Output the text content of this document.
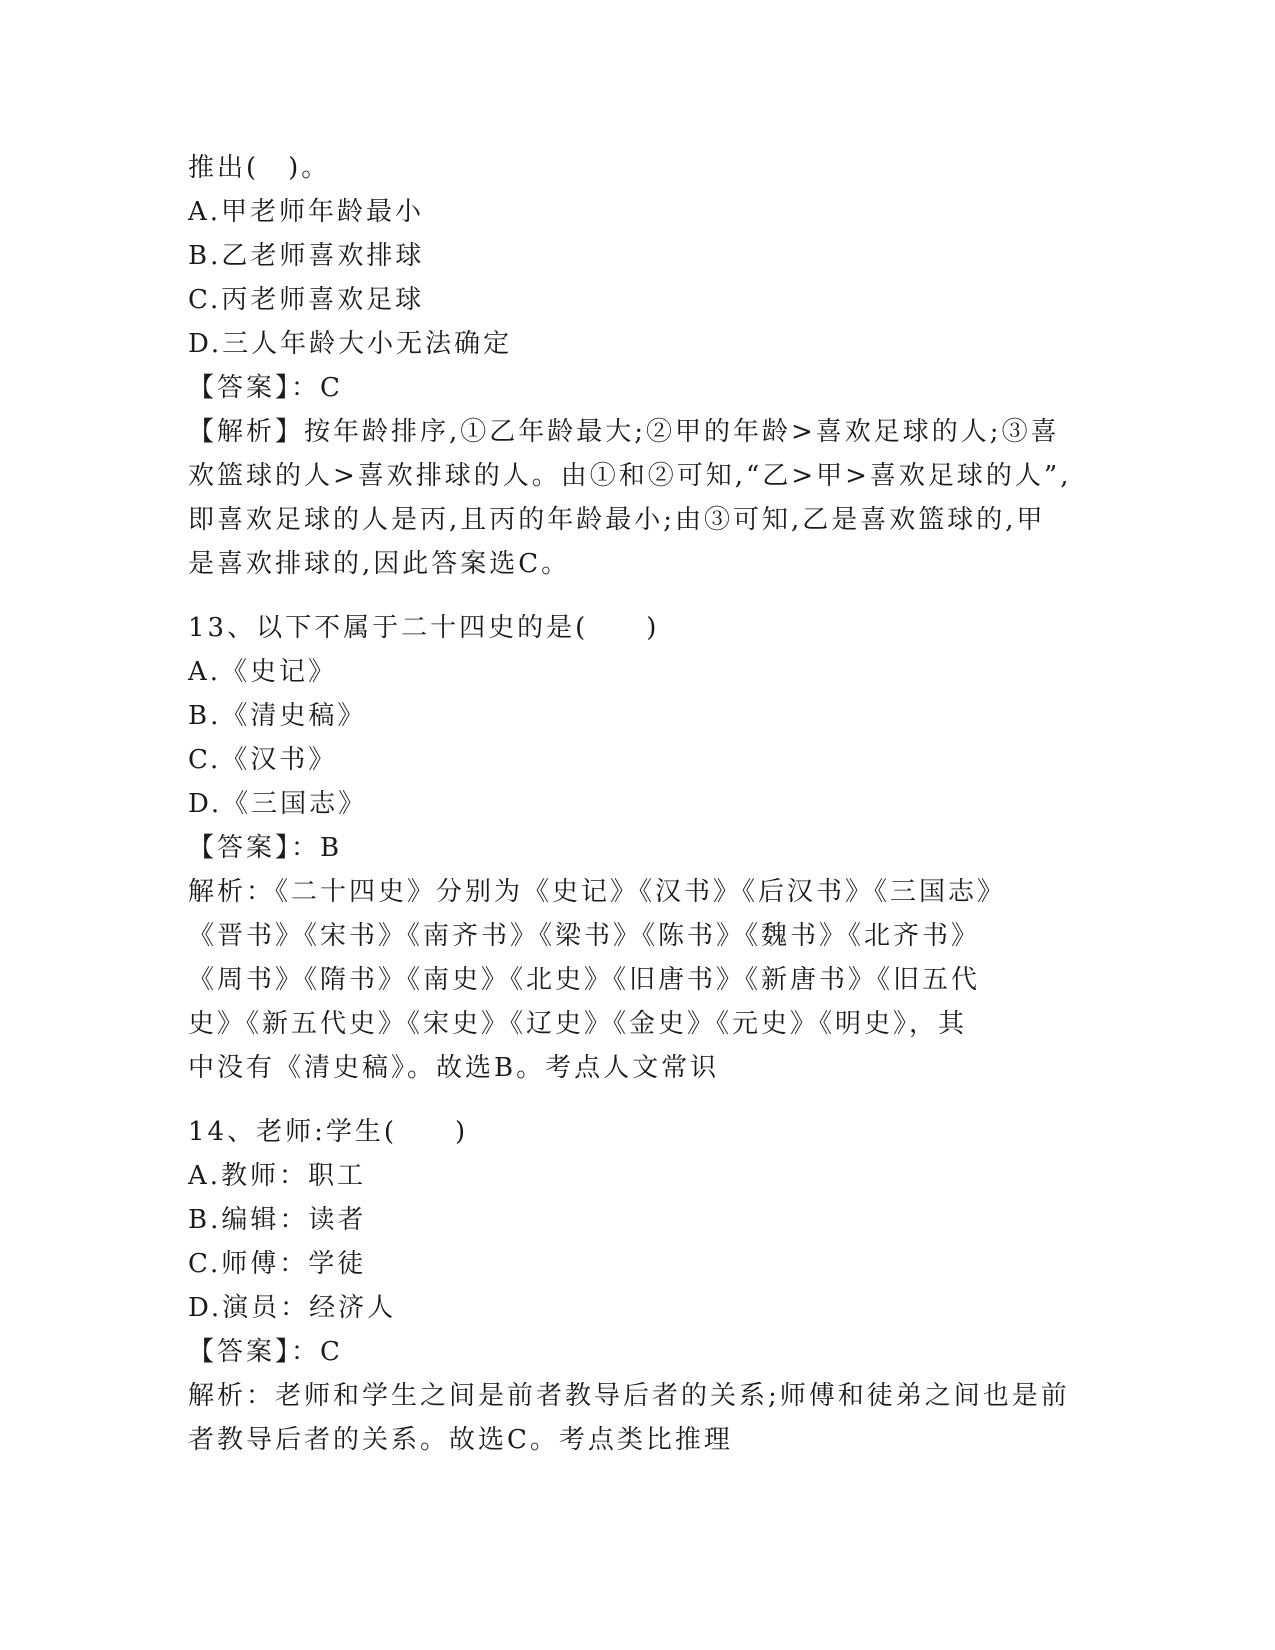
推出(　)。
A.甲老师年龄最小
B.乙老师喜欢排球
C.丙老师喜欢足球
D.三人年龄大小无法确定
【答案】：C
【解析】按年龄排序,①乙年龄最大;②甲的年龄>喜欢足球的人;③喜
欢篮球的人>喜欢排球的人。由①和②可知,“乙>甲>喜欢足球的人”,
即喜欢足球的人是丙,且丙的年龄最小;由③可知,乙是喜欢篮球的,甲
是喜欢排球的,因此答案选C。
13、以下不属于二十四史的是(　　)
A.《史记》
B.《清史稿》
C.《汉书》
D.《三国志》
【答案】：B
解析：《二十四史》分别为《史记》《汉书》《后汉书》《三国志》
《晋书》《宋书》《南齐书》《梁书》《陈书》《魏书》《北齐书》
《周书》《隋书》《南史》《北史》《旧唐书》《新唐书》《旧五代
史》《新五代史》《宋史》《辽史》《金史》《元史》《明史》，其
中没有《清史稿》。故选B。考点人文常识
14、老师:学生(　　)
A.教师：职工
B.编辑：读者
C.师傅：学徒
D.演员：经济人
【答案】：C
解析：老师和学生之间是前者教导后者的关系;师傅和徒弟之间也是前
者教导后者的关系。故选C。考点类比推理
